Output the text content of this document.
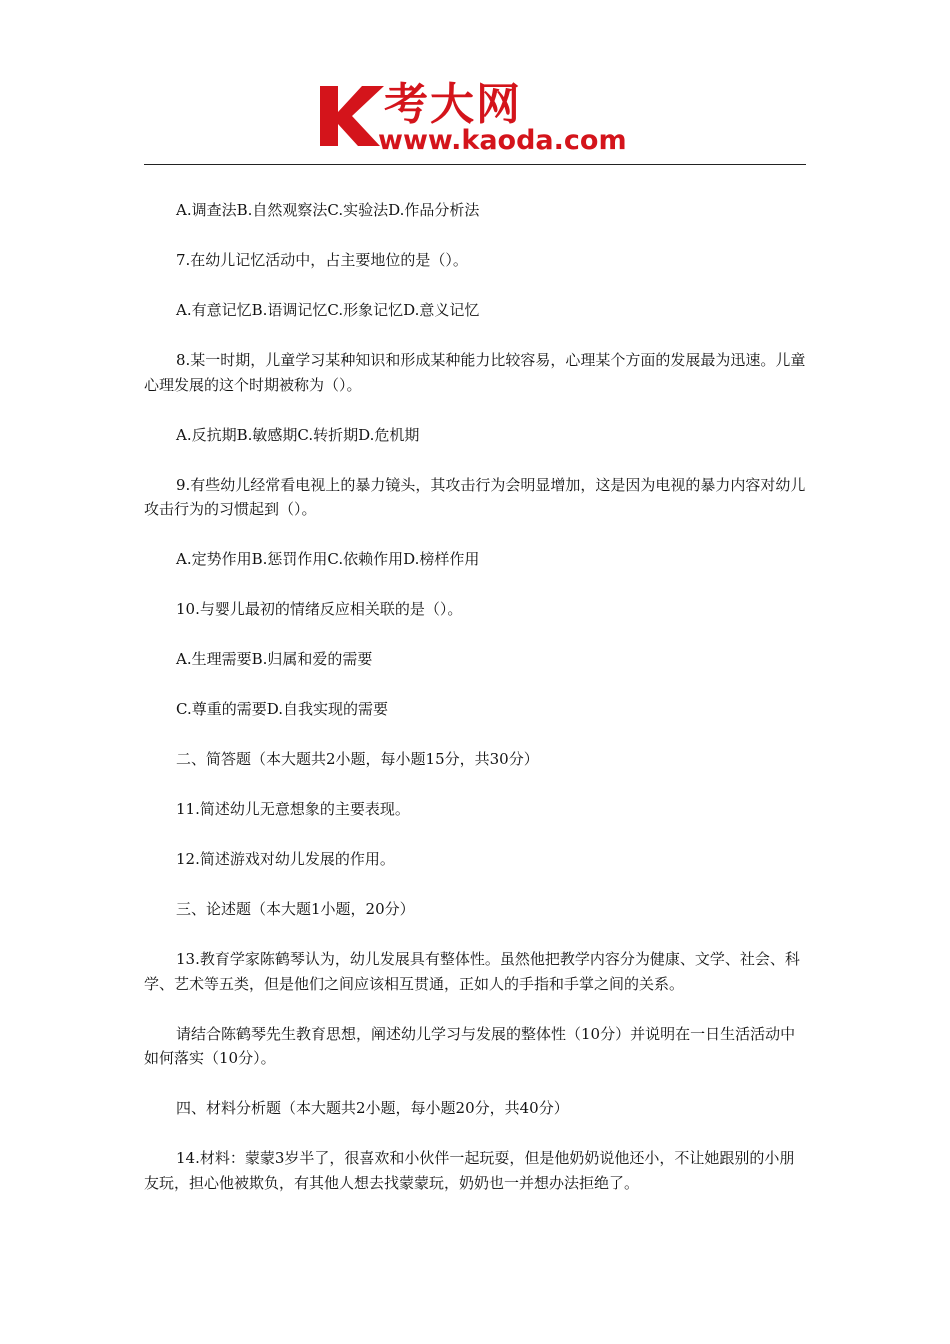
考大网
www.kaoda.com

A.调查法B.自然观察法C.实验法D.作品分析法

7.在幼儿记忆活动中，占主要地位的是（）。

A.有意记忆B.语调记忆C.形象记忆D.意义记忆

8.某一时期，儿童学习某种知识和形成某种能力比较容易，心理某个方面的发展最为迅速。儿童心理发展的这个时期被称为（）。

A.反抗期B.敏感期C.转折期D.危机期

9.有些幼儿经常看电视上的暴力镜头，其攻击行为会明显增加，这是因为电视的暴力内容对幼儿攻击行为的习惯起到（）。

A.定势作用B.惩罚作用C.依赖作用D.榜样作用

10.与婴儿最初的情绪反应相关联的是（）。

A.生理需要B.归属和爱的需要

C.尊重的需要D.自我实现的需要

二、简答题（本大题共2小题，每小题15分，共30分）

11.简述幼儿无意想象的主要表现。

12.简述游戏对幼儿发展的作用。

三、论述题（本大题1小题，20分）

13.教育学家陈鹤琴认为，幼儿发展具有整体性。虽然他把教学内容分为健康、文学、社会、科学、艺术等五类，但是他们之间应该相互贯通，正如人的手指和手掌之间的关系。

请结合陈鹤琴先生教育思想，阐述幼儿学习与发展的整体性（10分）并说明在一日生活活动中如何落实（10分）。

四、材料分析题（本大题共2小题，每小题20分，共40分）

14.材料：蒙蒙3岁半了，很喜欢和小伙伴一起玩耍，但是他奶奶说他还小，不让她跟别的小朋友玩，担心他被欺负，有其他人想去找蒙蒙玩，奶奶也一并想办法拒绝了。
